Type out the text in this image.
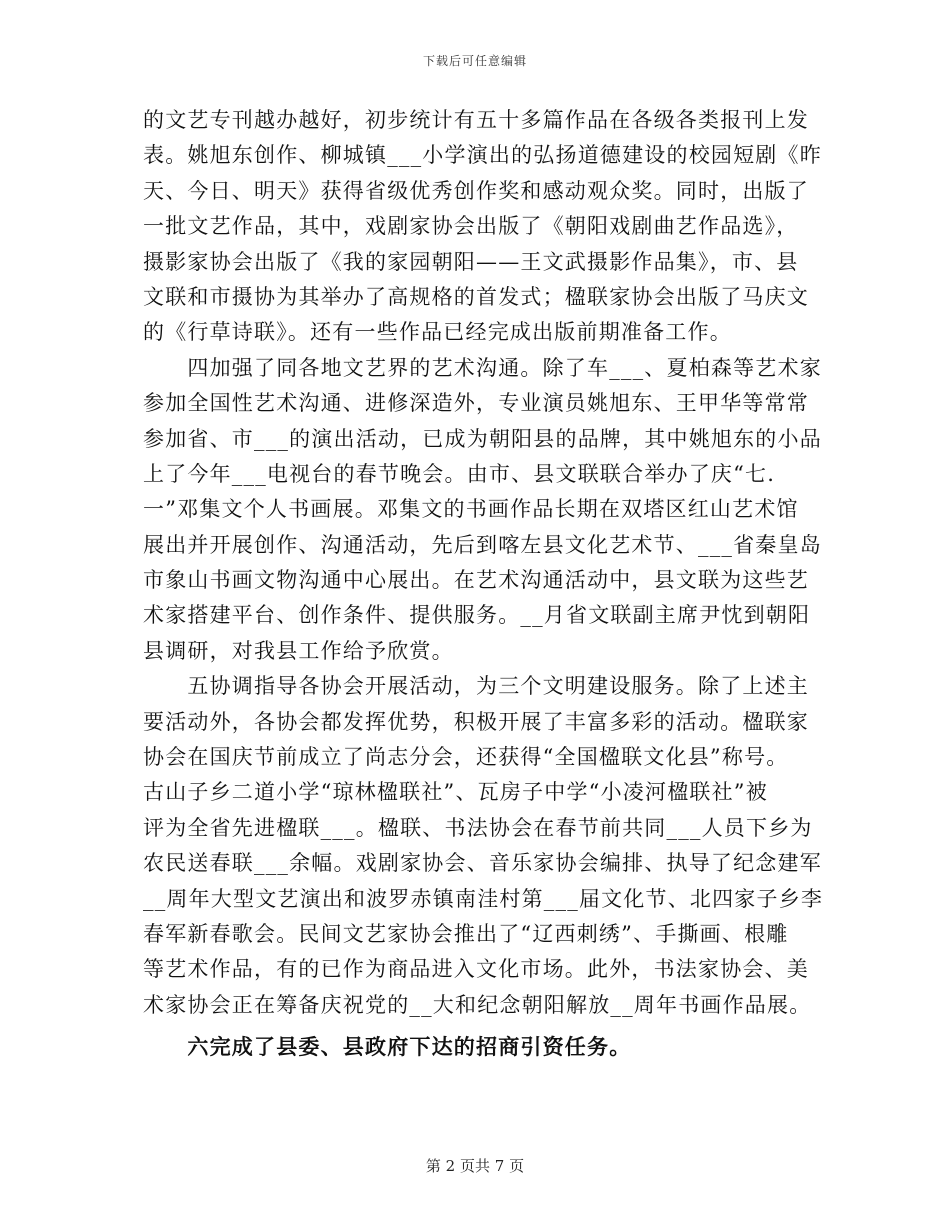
下载后可任意编辑
的文艺专刊越办越好，初步统计有五十多篇作品在各级各类报刊上发
表。姚旭东创作、柳城镇___小学演出的弘扬道德建设的校园短剧《昨
天、今日、明天》获得省级优秀创作奖和感动观众奖。同时，出版了
一批文艺作品，其中，戏剧家协会出版了《朝阳戏剧曲艺作品选》，
摄影家协会出版了《我的家园朝阳——王文武摄影作品集》，市、县
文联和市摄协为其举办了高规格的首发式；楹联家协会出版了马庆文
的《行草诗联》。还有一些作品已经完成出版前期准备工作。
　　四加强了同各地文艺界的艺术沟通。除了车___、夏柏森等艺术家
参加全国性艺术沟通、进修深造外，专业演员姚旭东、王甲华等常常
参加省、市___的演出活动，已成为朝阳县的品牌，其中姚旭东的小品
上了今年___电视台的春节晚会。由市、县文联联合举办了庆“七.
一”邓集文个人书画展。邓集文的书画作品长期在双塔区红山艺术馆
展出并开展创作、沟通活动，先后到喀左县文化艺术节、___省秦皇岛
市象山书画文物沟通中心展出。在艺术沟通活动中，县文联为这些艺
术家搭建平台、创作条件、提供服务。__月省文联副主席尹忱到朝阳
县调研，对我县工作给予欣赏。
　　五协调指导各协会开展活动，为三个文明建设服务。除了上述主
要活动外，各协会都发挥优势，积极开展了丰富多彩的活动。楹联家
协会在国庆节前成立了尚志分会，还获得“全国楹联文化县”称号。
古山子乡二道小学“琼林楹联社”、瓦房子中学“小凌河楹联社”被
评为全省先进楹联___。楹联、书法协会在春节前共同___人员下乡为
农民送春联___余幅。戏剧家协会、音乐家协会编排、执导了纪念建军
__周年大型文艺演出和波罗赤镇南洼村第___届文化节、北四家子乡李
春军新春歌会。民间文艺家协会推出了“辽西刺绣”、手撕画、根雕
等艺术作品，有的已作为商品进入文化市场。此外，书法家协会、美
术家协会正在筹备庆祝党的__大和纪念朝阳解放__周年书画作品展。
　　六完成了县委、县政府下达的招商引资任务。
第 2 页共 7 页
